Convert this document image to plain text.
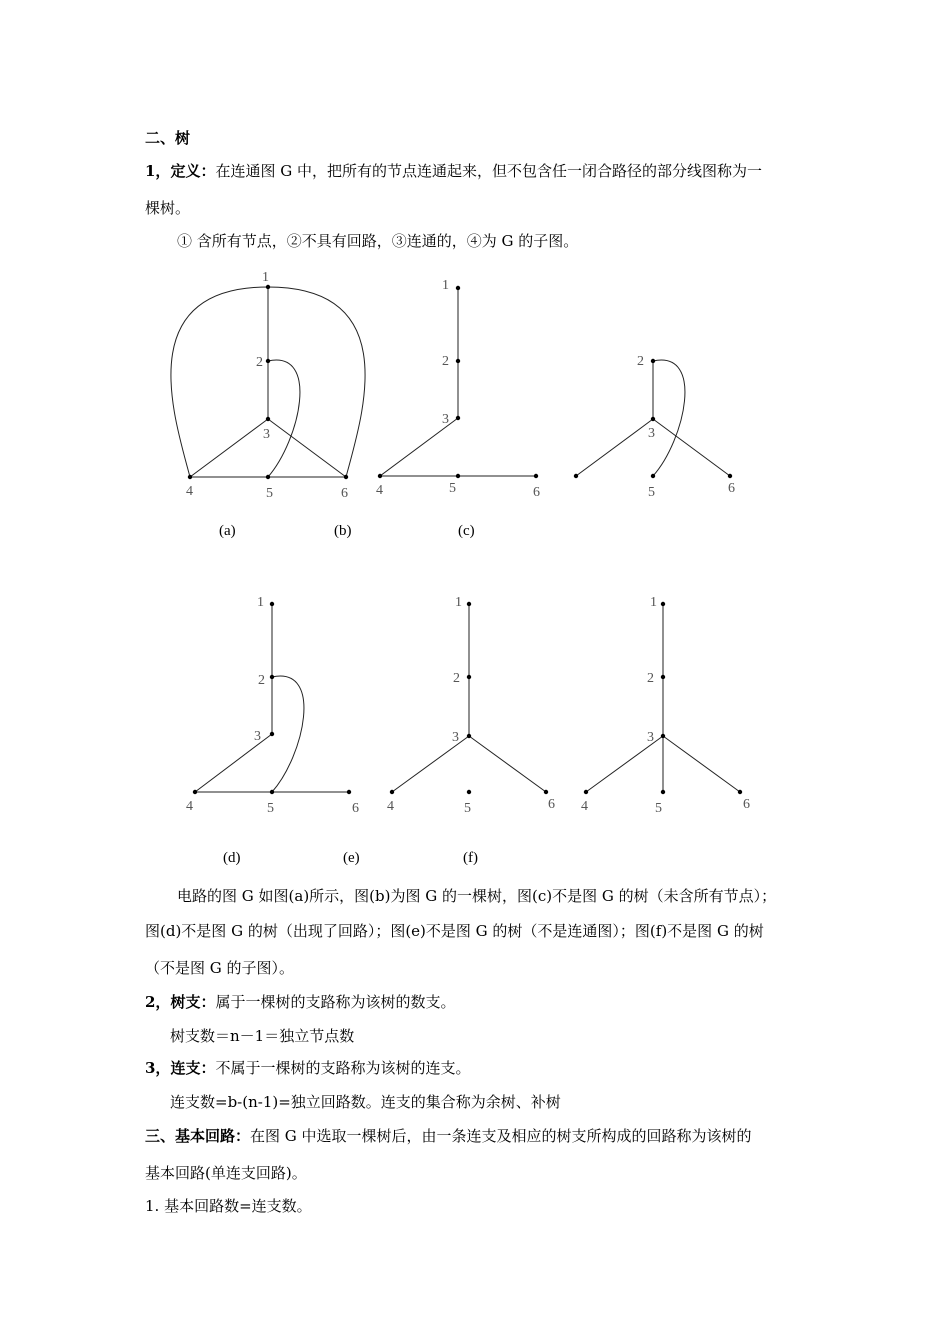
二、树
1，定义：在连通图 G 中，把所有的节点连通起来，但不包含任一闭合路径的部分线图称为一
棵树。
① 含所有节点，②不具有回路，③连通的，④为 G 的子图。
1
2
3
4	5	6
1
2
3
4	5	6
2
3
5	6
1
2
3
4	5	6
1
2
3
4	5	6
1
2
3
4	5	6
(a)	(b)	(c)
(d)	(e)	(f)
电路的图 G 如图(a)所示，图(b)为图 G 的一棵树，图(c)不是图 G 的树（未含所有节点）；
图(d)不是图 G 的树（出现了回路）；图(e)不是图 G 的树（不是连通图）；图(f)不是图 G 的树
（不是图 G 的子图）。
2，树支：属于一棵树的支路称为该树的数支。
树支数＝n－1＝独立节点数
3，连支：不属于一棵树的支路称为该树的连支。
连支数=b-(n-1)=独立回路数。连支的集合称为余树、补树
三、基本回路：在图 G 中选取一棵树后，由一条连支及相应的树支所构成的回路称为该树的
基本回路(单连支回路)。
1. 基本回路数=连支数。
